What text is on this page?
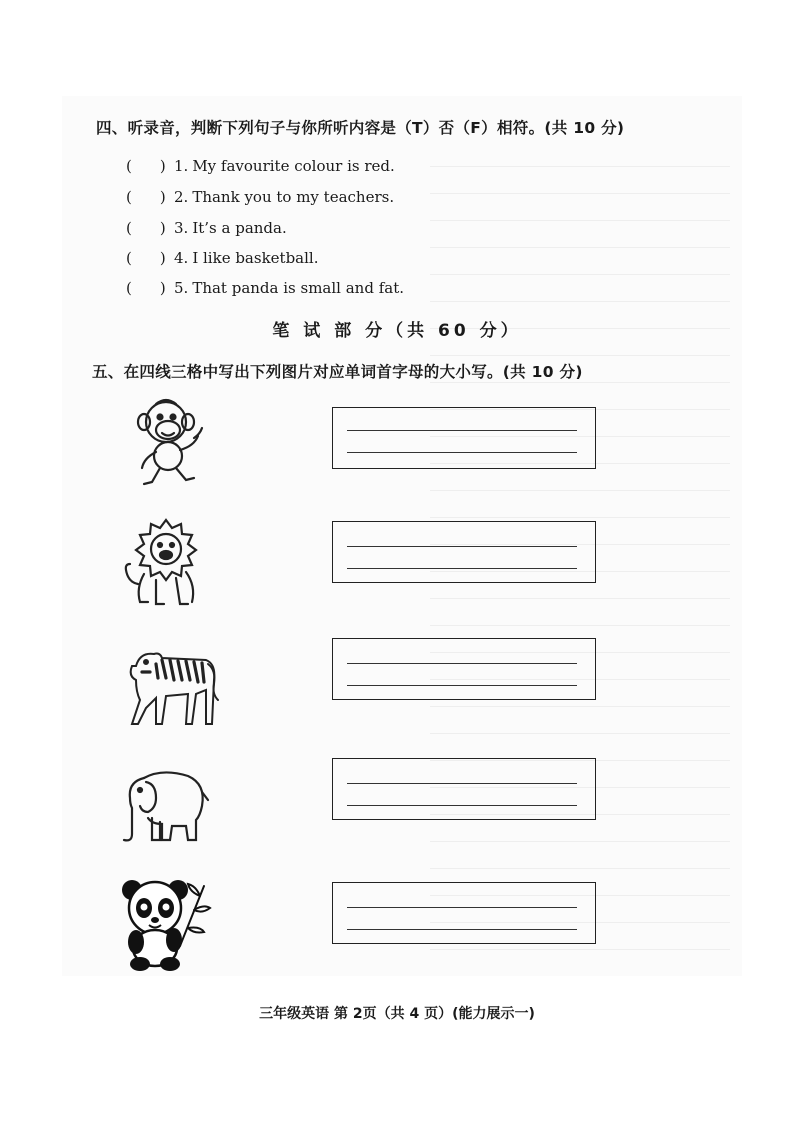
四、听录音，判断下列句子与你所听内容是（T）否（F）相符。(共 10 分)
( ) 1. My favourite colour is red.
( ) 2. Thank you to my teachers.
( ) 3. It’s a panda.
( ) 4. I like basketball.
( ) 5. That panda is small and fat.
笔 试 部 分（共 60 分）
五、在四线三格中写出下列图片对应单词首字母的大小写。(共 10 分)
三年级英语 第 2页（共 4 页）(能力展示一)
